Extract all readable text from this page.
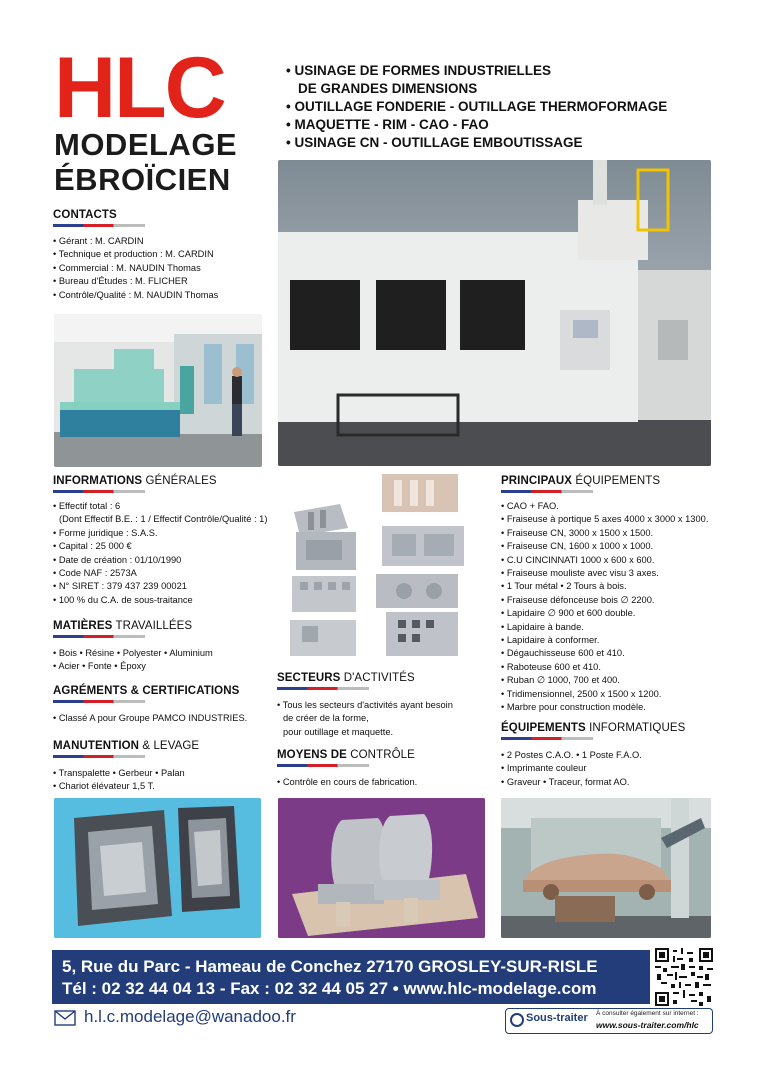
HLC
MODELAGE
ÉBROÏCIEN
• USINAGE DE FORMES INDUSTRIELLES
DE GRANDES DIMENSIONS
• OUTILLAGE FONDERIE - OUTILLAGE THERMOFORMAGE
• MAQUETTE - RIM - CAO - FAO
• USINAGE CN - OUTILLAGE EMBOUTISSAGE
CONTACTS
• Gérant : M. CARDIN
• Technique et production : M. CARDIN
• Commercial : M. NAUDIN Thomas
• Bureau d'Études : M. FLICHER
• Contrôle/Qualité : M. NAUDIN Thomas
INFORMATIONS GÉNÉRALES
• Effectif total : 6
(Dont Effectif B.E. : 1 / Effectif Contrôle/Qualité : 1)
• Forme juridique : S.A.S.
• Capital : 25 000 €
• Date de création : 01/10/1990
• Code NAF : 2573A
• N° SIRET : 379 437 239 00021
• 100 % du C.A. de sous-traitance
MATIÈRES TRAVAILLÉES
• Bois • Résine • Polyester • Aluminium
• Acier • Fonte • Époxy
AGRÉMENTS & CERTIFICATIONS
• Classé A pour Groupe PAMCO INDUSTRIES.
MANUTENTION & LEVAGE
• Transpalette • Gerbeur • Palan
• Chariot élévateur 1,5 T.
SECTEURS D'ACTIVITÉS
• Tous les secteurs d'activités ayant besoin
de créer de la forme,
pour outillage et maquette.
MOYENS DE CONTRÔLE
• Contrôle en cours de fabrication.
PRINCIPAUX ÉQUIPEMENTS
• CAO + FAO.
• Fraiseuse à portique 5 axes 4000 x 3000 x 1300.
• Fraiseuse CN, 3000 x 1500 x 1500.
• Fraiseuse CN, 1600 x 1000 x 1000.
• C.U CINCINNATI 1000 x 600 x 600.
• Fraiseuse mouliste avec visu 3 axes.
• 1 Tour métal • 2 Tours à bois.
• Fraiseuse défonceuse bois ∅ 2200.
• Lapidaire ∅ 900 et 600 double.
• Lapidaire à bande.
• Lapidaire à conformer.
• Dégauchisseuse 600 et 410.
• Raboteuse 600 et 410.
• Ruban ∅ 1000, 700 et 400.
• Tridimensionnel, 2500 x 1500 x 1200.
• Marbre pour construction modèle.
ÉQUIPEMENTS INFORMATIQUES
• 2 Postes C.A.O. • 1 Poste F.A.O.
• Imprimante couleur
• Graveur • Traceur, format AO.
5, Rue du Parc - Hameau de Conchez 27170 GROSLEY-SUR-RISLE
Tél : 02 32 44 04 13 - Fax : 02 32 44 05 27 • www.hlc-modelage.com
h.l.c.modelage@wanadoo.fr	Sous-traiter À consulter également sur internet :
www.sous-traiter.com/hlc
